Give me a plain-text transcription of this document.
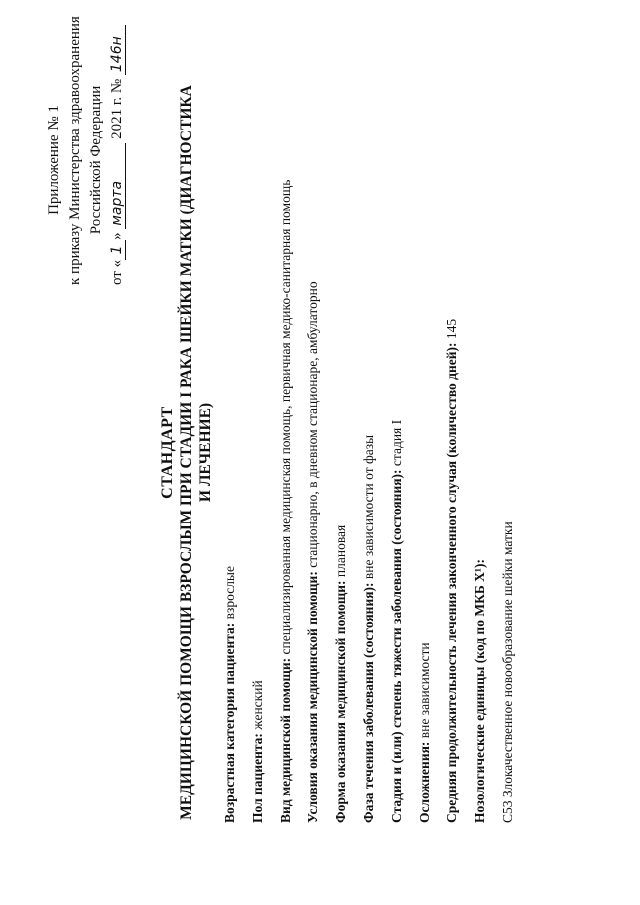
Приложение № 1 к приказу Министерства здравоохранения Российской Федерации
от «1» марта 2021 г. № 146н
СТАНДАРТ МЕДИЦИНСКОЙ ПОМОЩИ ВЗРОСЛЫМ ПРИ СТАДИИ I РАКА ШЕЙКИ МАТКИ (ДИАГНОСТИКА И ЛЕЧЕНИЕ)
Возрастная категория пациента: взрослые
Пол пациента: женский Вид медицинской помощи: специализированная медицинская помощь, первичная медико-санитарная помощь
Условия оказания медицинской помощи: стационарно, в дневном стационаре, амбулаторно
Форма оказания медицинской помощи: плановая
Фаза течения заболевания (состояния): вне зависимости от фазы Стадия и (или) степень тяжести заболевания (состояния): стадия I
Осложнения: вне зависимости Средняя продолжительность лечения законченного случая (количество дней): 145
Нозологические единицы (код по МКБ X¹): C53 Злокачественное новообразование шейки матки
